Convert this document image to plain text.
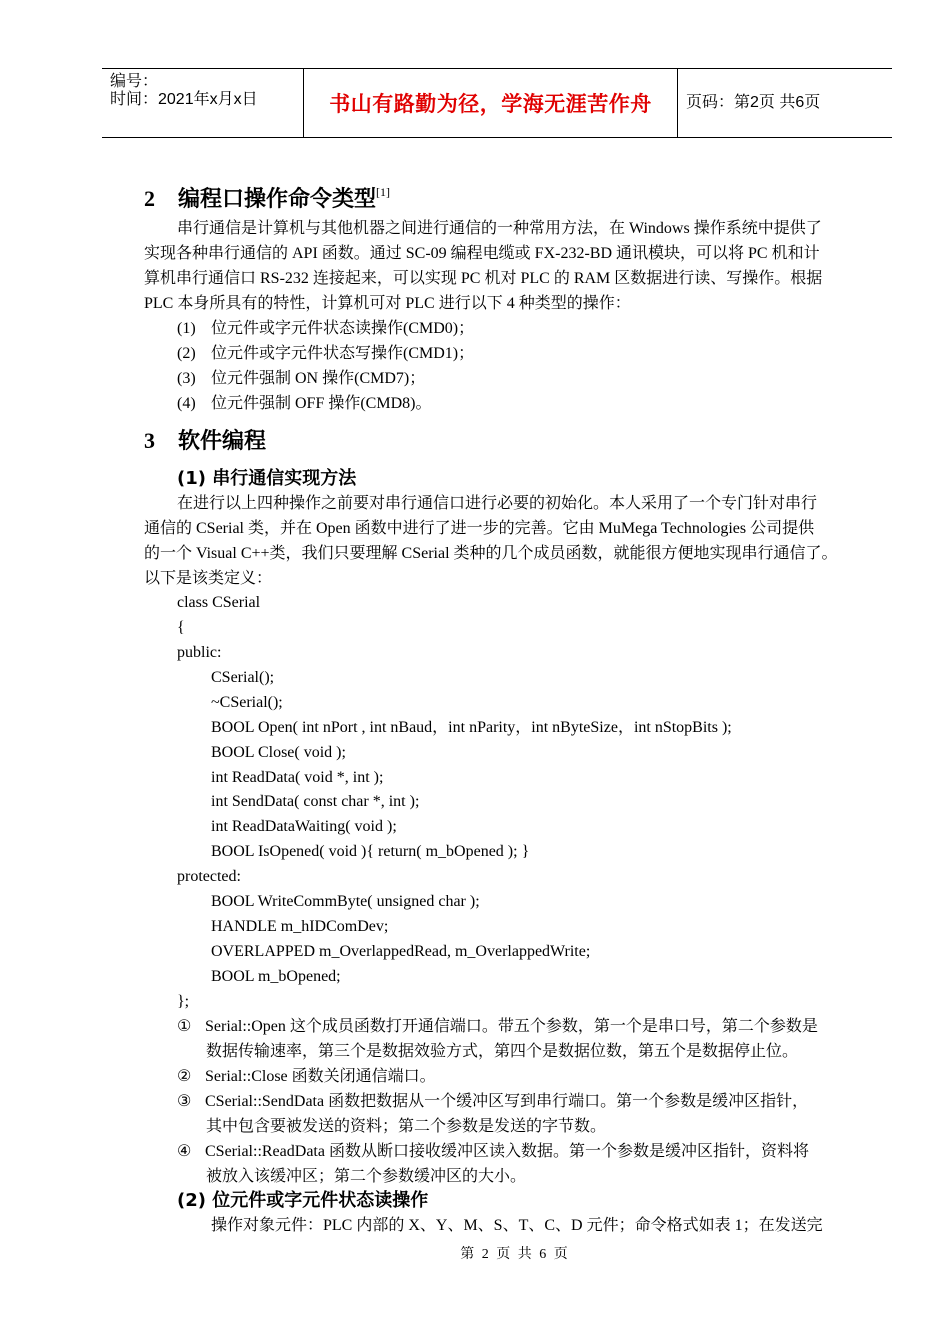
编号：
时间：2021年x月x日	书山有路勤为径，学海无涯苦作舟	页码：第2页 共6页
2 编程口操作命令类型[1]
串行通信是计算机与其他机器之间进行通信的一种常用方法，在 Windows 操作系统中提供了
实现各种串行通信的 API 函数。通过 SC-09 编程电缆或 FX-232-BD 通讯模块，可以将 PC 机和计
算机串行通信口 RS-232 连接起来，可以实现 PC 机对 PLC 的 RAM 区数据进行读、写操作。根据
PLC 本身所具有的特性，计算机可对 PLC 进行以下 4 种类型的操作：
(1) 位元件或字元件状态读操作(CMD0)；
(2) 位元件或字元件状态写操作(CMD1)；
(3) 位元件强制 ON 操作(CMD7)；
(4) 位元件强制 OFF 操作(CMD8)。
3 软件编程
(1) 串行通信实现方法
在进行以上四种操作之前要对串行通信口进行必要的初始化。本人采用了一个专门针对串行
通信的 CSerial 类，并在 Open 函数中进行了进一步的完善。它由 MuMega Technologies 公司提供
的一个 Visual C++类，我们只要理解 CSerial 类种的几个成员函数，就能很方便地实现串行通信了。
以下是该类定义：
class CSerial
{
public:
CSerial();
~CSerial();
BOOL Open( int nPort , int nBaud，int nParity，int nByteSize，int nStopBits );
BOOL Close( void );
int ReadData( void *, int );
int SendData( const char *, int );
int ReadDataWaiting( void );
BOOL IsOpened( void ){ return( m_bOpened ); }
protected:
BOOL WriteCommByte( unsigned char );
HANDLE m_hIDComDev;
OVERLAPPED m_OverlappedRead, m_OverlappedWrite;
BOOL m_bOpened;
};
① Serial::Open 这个成员函数打开通信端口。带五个参数，第一个是串口号，第二个参数是
数据传输速率，第三个是数据效验方式，第四个是数据位数，第五个是数据停止位。
② Serial::Close 函数关闭通信端口。
③ CSerial::SendData 函数把数据从一个缓冲区写到串行端口。第一个参数是缓冲区指针，
其中包含要被发送的资料；第二个参数是发送的字节数。
④ CSerial::ReadData 函数从断口接收缓冲区读入数据。第一个参数是缓冲区指针，资料将
被放入该缓冲区；第二个参数缓冲区的大小。
(2) 位元件或字元件状态读操作
操作对象元件：PLC 内部的 X、Y、M、S、T、C、D 元件；命令格式如表 1；在发送完
第 2 页 共 6 页
